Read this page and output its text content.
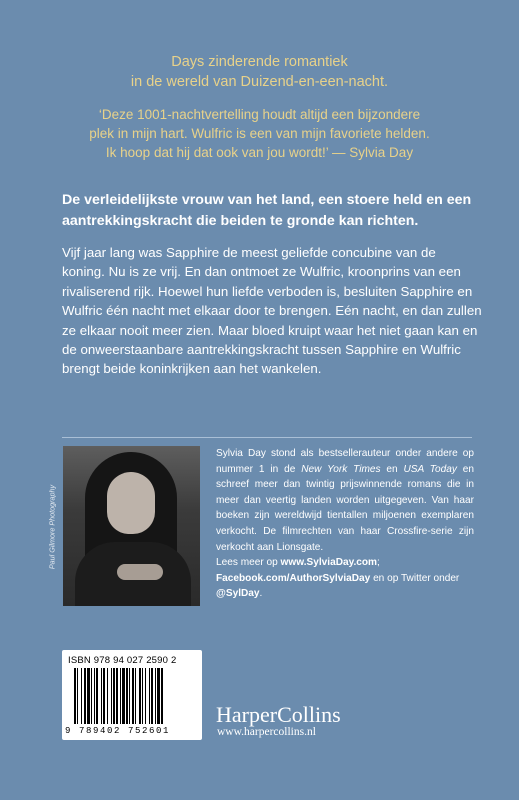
Days zinderende romantiek
in de wereld van Duizend-en-een-nacht.
‘Deze 1001-nachtvertelling houdt altijd een bijzondere
plek in mijn hart. Wulfric is een van mijn favoriete helden.
Ik hoop dat hij dat ook van jou wordt!’ — Sylvia Day
De verleidelijkste vrouw van het land, een stoere held en een aantrekkingskracht die beiden te gronde kan richten.
Vijf jaar lang was Sapphire de meest geliefde concubine van de koning. Nu is ze vrij. En dan ontmoet ze Wulfric, kroonprins van een rivaliserend rijk. Hoewel hun liefde verboden is, besluiten Sapphire en Wulfric één nacht met elkaar door te brengen. Eén nacht, en dan zullen ze elkaar nooit meer zien. Maar bloed kruipt waar het niet gaan kan en de onweerstaanbare aantrekkingskracht tussen Sapphire en Wulfric brengt beide koninkrijken aan het wankelen.
Paul Gilmore Photography
Sylvia Day stond als bestsellerauteur onder andere op nummer 1 in de New York Times en USA Today en schreef meer dan twintig prijswinnende romans die in meer dan veertig landen worden uitgegeven. Van haar boeken zijn wereldwijd tientallen miljoenen exemplaren verkocht. De filmrechten van haar Crossfire-serie zijn verkocht aan Lionsgate.
Lees meer op www.SylviaDay.com;
Facebook.com/AuthorSylviaDay en op Twitter onder @SylDay.
ISBN 978 94 027 2590 2
9 789402 752601
HarperCollins
www.harpercollins.nl
